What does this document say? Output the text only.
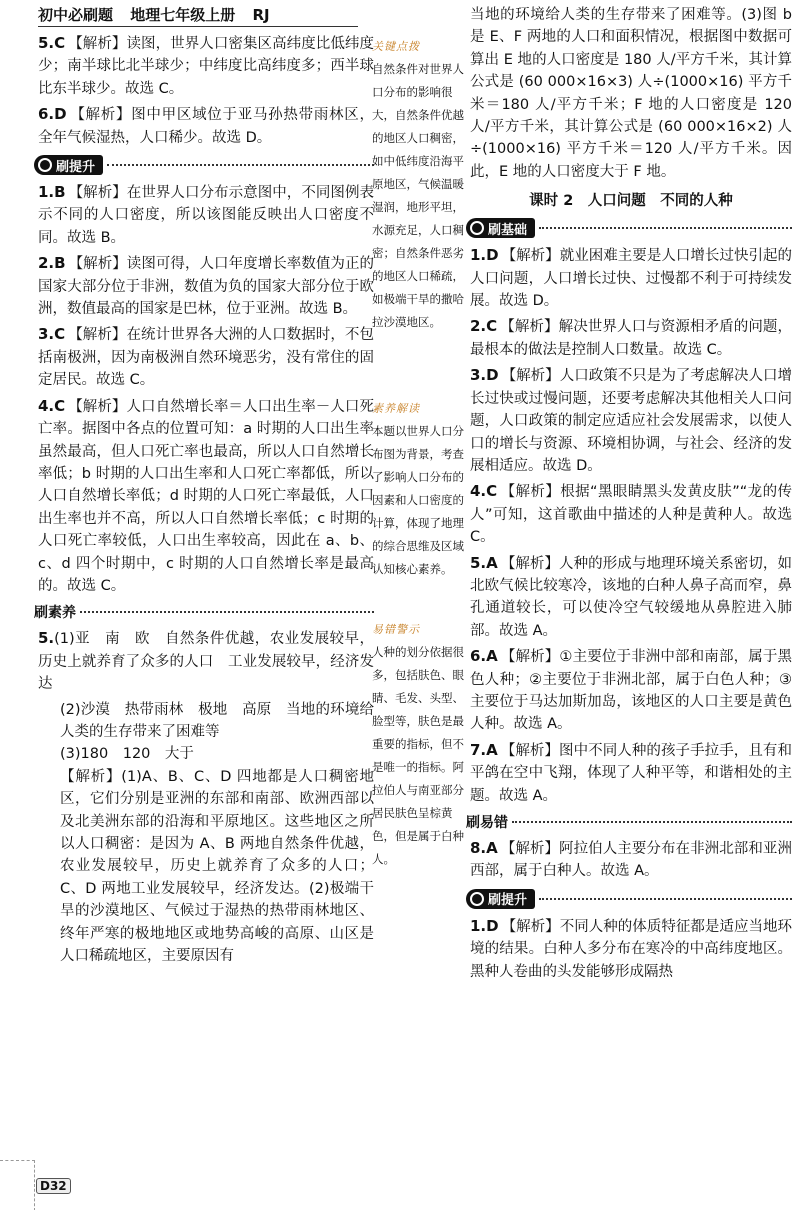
初中必刷题 地理七年级上册 RJ
5.C 【解析】读图，世界人口密集区高纬度比低纬度少；南半球比北半球少；中纬度比高纬度多；西半球比东半球少。故选 C。
6.D 【解析】图中甲区域位于亚马孙热带雨林区，全年气候湿热，人口稀少。故选 D。
刷提升
1.B 【解析】在世界人口分布示意图中，不同图例表示不同的人口密度，所以该图能反映出人口密度不同。故选 B。
2.B 【解析】读图可得，人口年度增长率数值为正的国家大部分位于非洲，数值为负的国家大部分位于欧洲，数值最高的国家是巴林，位于亚洲。故选 B。
3.C 【解析】在统计世界各大洲的人口数据时，不包括南极洲，因为南极洲自然环境恶劣，没有常住的固定居民。故选 C。
4.C 【解析】人口自然增长率＝人口出生率－人口死亡率。据图中各点的位置可知：a 时期的人口出生率虽然最高，但人口死亡率也最高，所以人口自然增长率低；b 时期的人口出生率和人口死亡率都低，所以人口自然增长率低；d 时期的人口死亡率最低，人口出生率也并不高，所以人口自然增长率低；c 时期的人口死亡率较低，人口出生率较高，因此在 a、b、c、d 四个时期中，c 时期的人口自然增长率是最高的。故选 C。
刷素养
5.(1)亚　南　欧　自然条件优越，农业发展较早，历史上就养育了众多的人口　工业发展较早，经济发达
(2)沙漠　热带雨林　极地　高原　当地的环境给人类的生存带来了困难等
(3)180　120　大于
【解析】(1)A、B、C、D 四地都是人口稠密地区，它们分别是亚洲的东部和南部、欧洲西部以及北美洲东部的沿海和平原地区。这些地区之所以人口稠密：是因为 A、B 两地自然条件优越，农业发展较早，历史上就养育了众多的人口；C、D 两地工业发展较早，经济发达。(2)极端干旱的沙漠地区、气候过于湿热的热带雨林地区、终年严寒的极地地区或地势高峻的高原、山区是人口稀疏地区，主要原因有
关键点拨
自然条件对世界人口分布的影响很大，自然条件优越的地区人口稠密，如中低纬度沿海平原地区，气候温暖湿润，地形平坦，水源充足，人口稠密；自然条件恶劣的地区人口稀疏，如极端干旱的撒哈拉沙漠地区。
素养解读
本题以世界人口分布图为背景，考查了影响人口分布的因素和人口密度的计算，体现了地理的综合思维及区域认知核心素养。
易错警示
人种的划分依据很多，包括肤色、眼睛、毛发、头型、脸型等，肤色是最重要的指标，但不是唯一的指标。阿拉伯人与南亚部分居民肤色呈棕黄色，但是属于白种人。
当地的环境给人类的生存带来了困难等。(3)图 b 是 E、F 两地的人口和面积情况，根据图中数据可算出 E 地的人口密度是 180 人/平方千米，其计算公式是 (60 000×16×3) 人÷(1000×16) 平方千米＝180 人/平方千米；F 地的人口密度是 120 人/平方千米，其计算公式是 (60 000×16×2) 人÷(1000×16) 平方千米＝120 人/平方千米。因此，E 地的人口密度大于 F 地。
课时 2　人口问题　不同的人种
刷基础
1.D 【解析】就业困难主要是人口增长过快引起的人口问题，人口增长过快、过慢都不利于可持续发展。故选 D。
2.C 【解析】解决世界人口与资源相矛盾的问题，最根本的做法是控制人口数量。故选 C。
3.D 【解析】人口政策不只是为了考虑解决人口增长过快或过慢问题，还要考虑解决其他相关人口问题，人口政策的制定应适应社会发展需求，以使人口的增长与资源、环境相协调，与社会、经济的发展相适应。故选 D。
4.C 【解析】根据“黑眼睛黑头发黄皮肤”“龙的传人”可知，这首歌曲中描述的人种是黄种人。故选 C。
5.A 【解析】人种的形成与地理环境关系密切，如北欧气候比较寒冷，该地的白种人鼻子高而窄，鼻孔通道较长，可以使冷空气较缓地从鼻腔进入肺部。故选 A。
6.A 【解析】①主要位于非洲中部和南部，属于黑色人种；②主要位于非洲北部，属于白色人种；③主要位于马达加斯加岛，该地区的人口主要是黄色人种。故选 A。
7.A 【解析】图中不同人种的孩子手拉手，且有和平鸽在空中飞翔，体现了人种平等，和谐相处的主题。故选 A。
刷易错
8.A 【解析】阿拉伯人主要分布在非洲北部和亚洲西部，属于白种人。故选 A。
刷提升
1.D 【解析】不同人种的体质特征都是适应当地环境的结果。白种人多分布在寒冷的中高纬度地区。黑种人卷曲的头发能够形成隔热
D32
